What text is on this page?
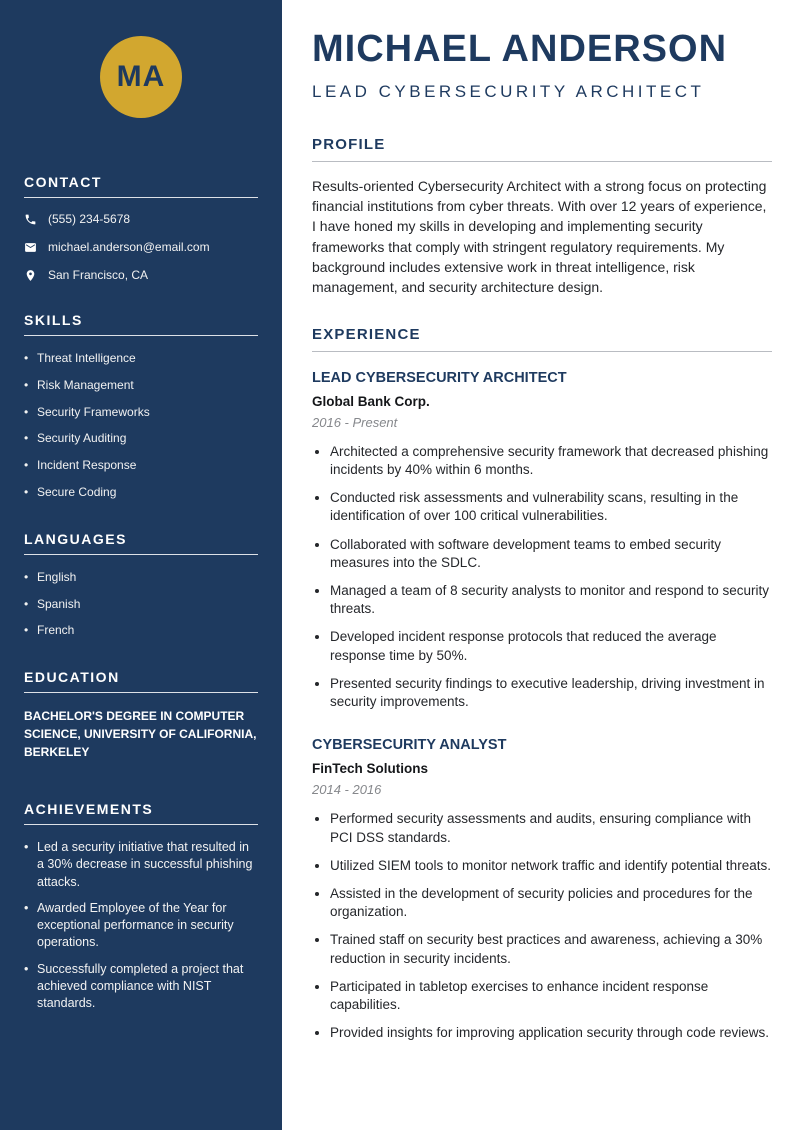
MA
CONTACT
(555) 234-5678
michael.anderson@email.com
San Francisco, CA
SKILLS
• Threat Intelligence
• Risk Management
• Security Frameworks
• Security Auditing
• Incident Response
• Secure Coding
LANGUAGES
• English
• Spanish
• French
EDUCATION
BACHELOR'S DEGREE IN COMPUTER SCIENCE, UNIVERSITY OF CALIFORNIA, BERKELEY
ACHIEVEMENTS
• Led a security initiative that resulted in a 30% decrease in successful phishing attacks.
• Awarded Employee of the Year for exceptional performance in security operations.
• Successfully completed a project that achieved compliance with NIST standards.
MICHAEL ANDERSON
LEAD CYBERSECURITY ARCHITECT
PROFILE

Results-oriented Cybersecurity Architect with a strong focus on protecting financial institutions from cyber threats. With over 12 years of experience, I have honed my skills in developing and implementing security frameworks that comply with stringent regulatory requirements. My background includes extensive work in threat intelligence, risk management, and security architecture design.

EXPERIENCE
LEAD CYBERSECURITY ARCHITECT
Global Bank Corp.
2016 - Present
• Architected a comprehensive security framework that decreased phishing incidents by 40% within 6 months.
• Conducted risk assessments and vulnerability scans, resulting in the identification of over 100 critical vulnerabilities.
• Collaborated with software development teams to embed security measures into the SDLC.
• Managed a team of 8 security analysts to monitor and respond to security threats.
• Developed incident response protocols that reduced the average response time by 50%.
• Presented security findings to executive leadership, driving investment in security improvements.
CYBERSECURITY ANALYST
FinTech Solutions
2014 - 2016
• Performed security assessments and audits, ensuring compliance with PCI DSS standards.
• Utilized SIEM tools to monitor network traffic and identify potential threats.
• Assisted in the development of security policies and procedures for the organization.
• Trained staff on security best practices and awareness, achieving a 30% reduction in security incidents.
• Participated in tabletop exercises to enhance incident response capabilities.
• Provided insights for improving application security through code reviews.
